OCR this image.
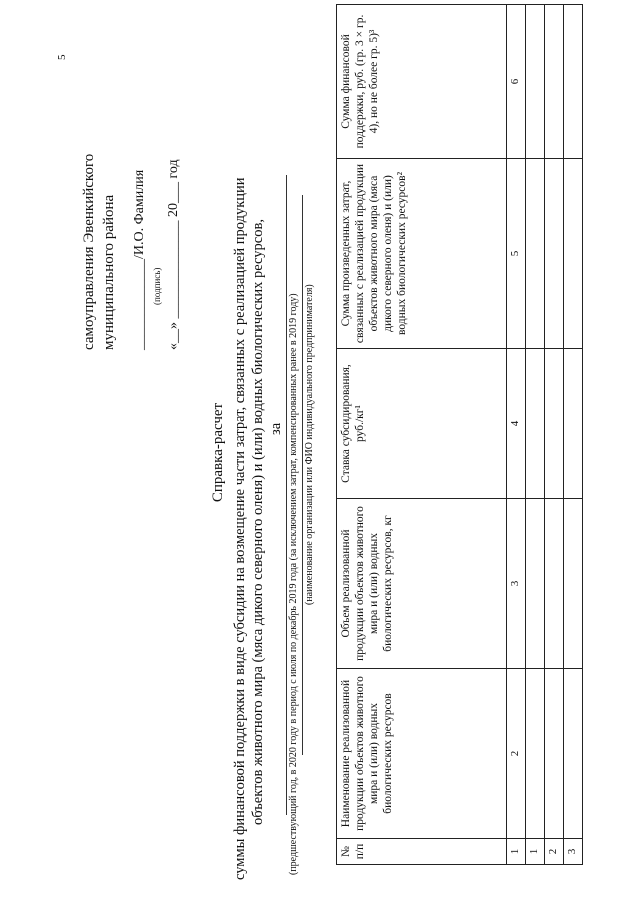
5
самоуправления Эвенкийского муниципального района _____________/И.О. Фамилия (подпись) «__» ______________ 20___ год
Справка-расчет суммы финансовой поддержки в виде субсидии на возмещение части затрат, связанных с реализацией продукции объектов животного мира (мяса дикого северного оленя) и (или) водных биологических ресурсов, за (предшествующий год, в 2020 году в период с июля по декабрь 2019 года (за исключением затрат, компенсированных ранее в 2019 году) (наименование организации или ФИО индивидуального предпринимателя)
№ п/п	Наименование реализованной продукции объектов животного мира и (или) водных биологических ресурсов	Объем реализованной продукции объектов животного мира и (или) водных биологических ресурсов, кг	Ставка субсидирования, руб./кг¹	Сумма произведенных затрат, связанных с реализацией продукции объектов животного мира (мяса дикого северного оленя) и (или) водных биологических ресурсов²	Сумма финансовой поддержки, руб. (гр. 3 × гр. 4), но не более гр. 5)³
1	2	3	4	5	6
1					
2					
3					
